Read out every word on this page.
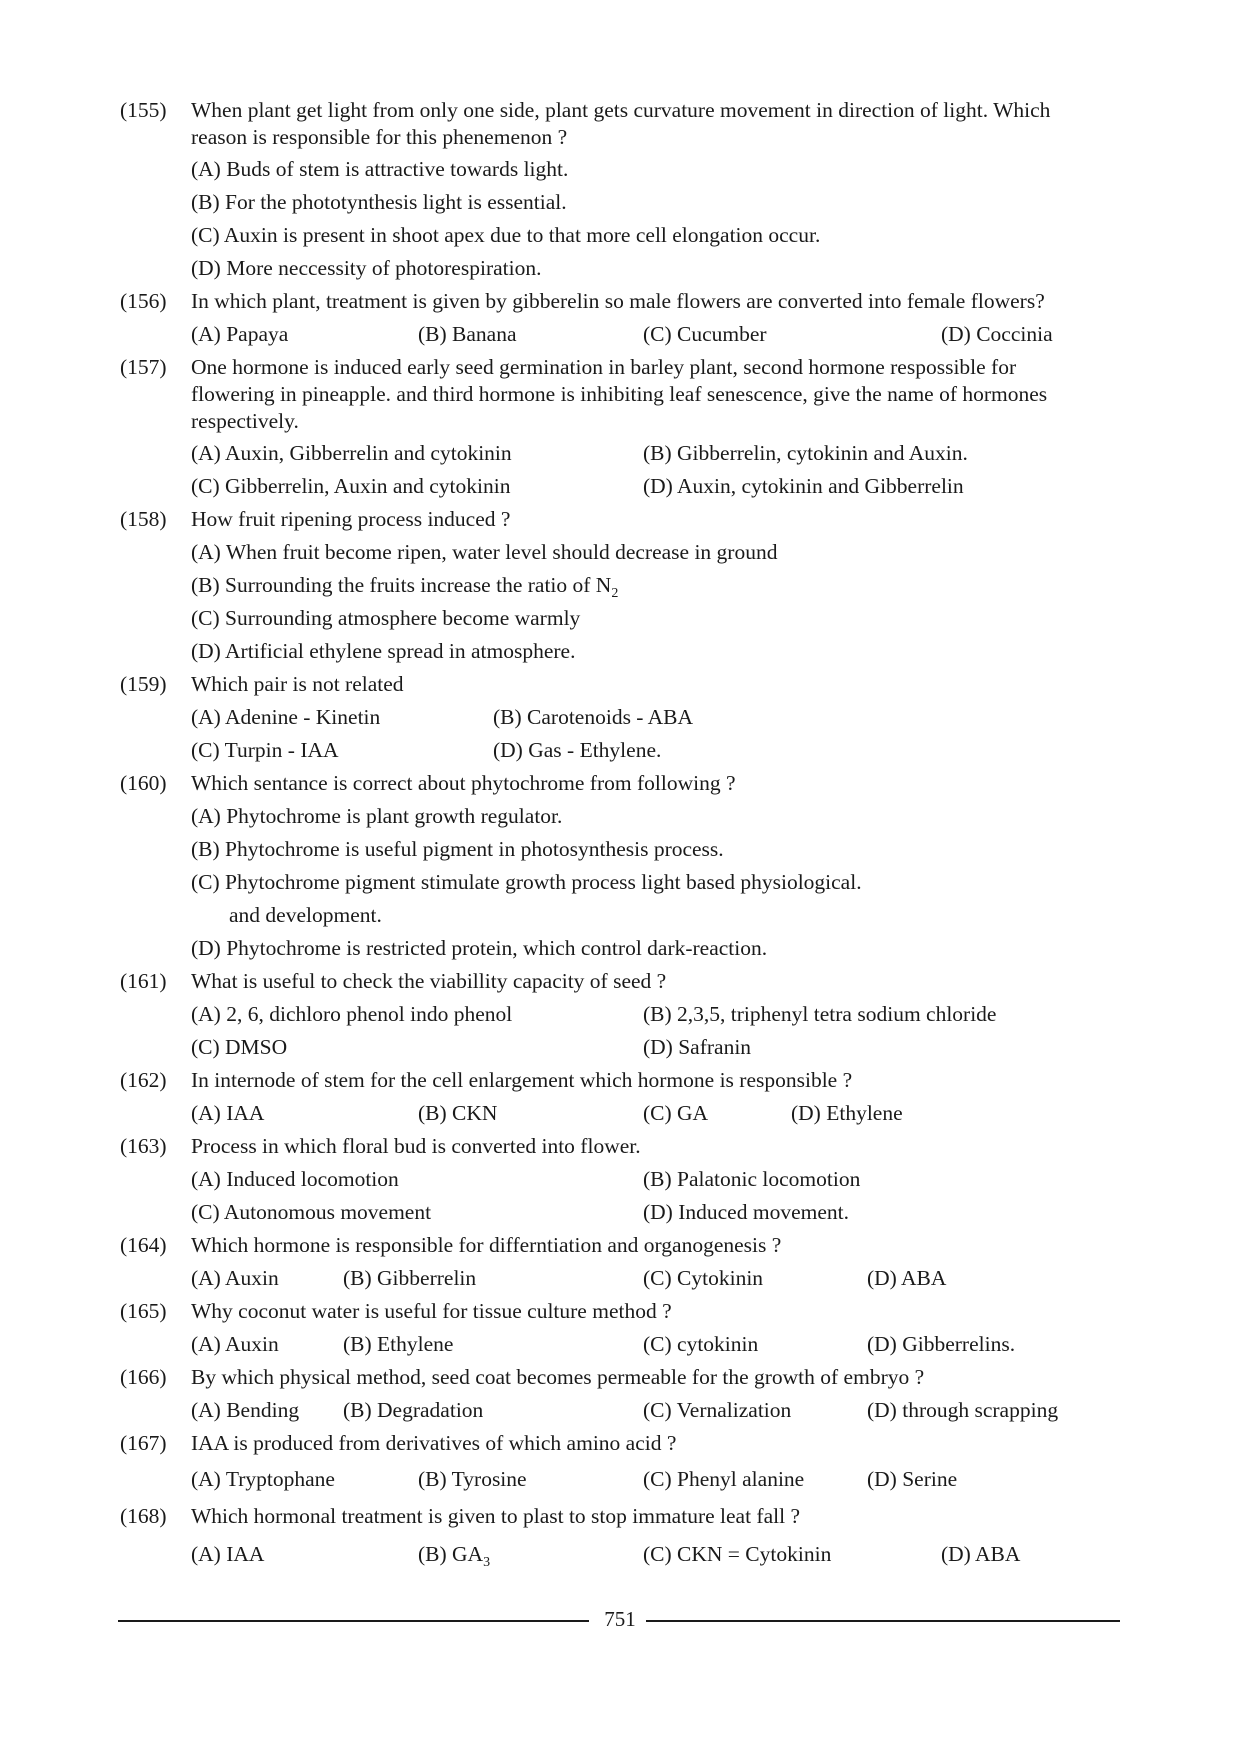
(155) When plant get light from only one side, plant gets curvature movement in direction of light. Which
reason is responsible for this phenemenon ?
(A) Buds of stem is attractive towards light.
(B) For the phototynthesis light is essential.
(C) Auxin is present in shoot apex due to that more cell elongation occur.
(D) More neccessity of photorespiration.
(156) In which plant, treatment is given by gibberelin so male flowers are converted into female flowers?
(A) Papaya	(B) Banana	(C) Cucumber	(D) Coccinia
(157) One hormone is induced early seed germination in barley plant, second hormone respossible for
flowering in pineapple. and third hormone is inhibiting leaf senescence, give the name of hormones
respectively.
(A) Auxin, Gibberrelin and cytokinin	(B) Gibberrelin, cytokinin and Auxin.
(C) Gibberrelin, Auxin and cytokinin	(D) Auxin, cytokinin and Gibberrelin
(158) How fruit ripening process induced ?
(A) When fruit become ripen, water level should decrease in ground
(B) Surrounding the fruits increase the ratio of $N_2$
(C) Surrounding atmosphere become warmly
(D) Artificial ethylene spread in atmosphere.
(159) Which pair is not related
(A) Adenine - Kinetin	(B) Carotenoids - ABA
(C) Turpin - IAA	(D) Gas - Ethylene.
(160) Which sentance is correct about phytochrome from following ?
(A) Phytochrome is plant growth regulator.
(B) Phytochrome is useful pigment in photosynthesis process.
(C) Phytochrome pigment stimulate growth process light based physiological.
and development.
(D) Phytochrome is restricted protein, which control dark-reaction.
(161) What is useful to check the viabillity capacity of seed ?
(A) 2, 6, dichloro phenol indo phenol	(B) 2,3,5, triphenyl tetra sodium chloride
(C) DMSO	(D) Safranin
(162) In internode of stem for the cell enlargement which hormone is responsible ?
(A) IAA	(B) CKN	(C) GA	(D) Ethylene
(163) Process in which floral bud is converted into flower.
(A) Induced locomotion	(B) Palatonic locomotion
(C) Autonomous movement	(D) Induced movement.
(164) Which hormone is responsible for differntiation and organogenesis ?
(A) Auxin	(B) Gibberrelin	(C) Cytokinin	(D) ABA
(165) Why coconut water is useful for tissue culture method ?
(A) Auxin	(B) Ethylene	(C) cytokinin	(D) Gibberrelins.
(166) By which physical method, seed coat becomes permeable for the growth of embryo ?
(A) Bending (B) Degradation	(C) Vernalization	(D) through scrapping
(167) IAA is produced from derivatives of which amino acid ?
(A) Tryptophane	(B) Tyrosine	(C) Phenyl alanine	(D) Serine
(168) Which hormonal treatment is given to plast to stop immature leat fall ?
(A) IAA	(B) $GA_3$	(C) CKN = Cytokinin	(D) ABA
751
